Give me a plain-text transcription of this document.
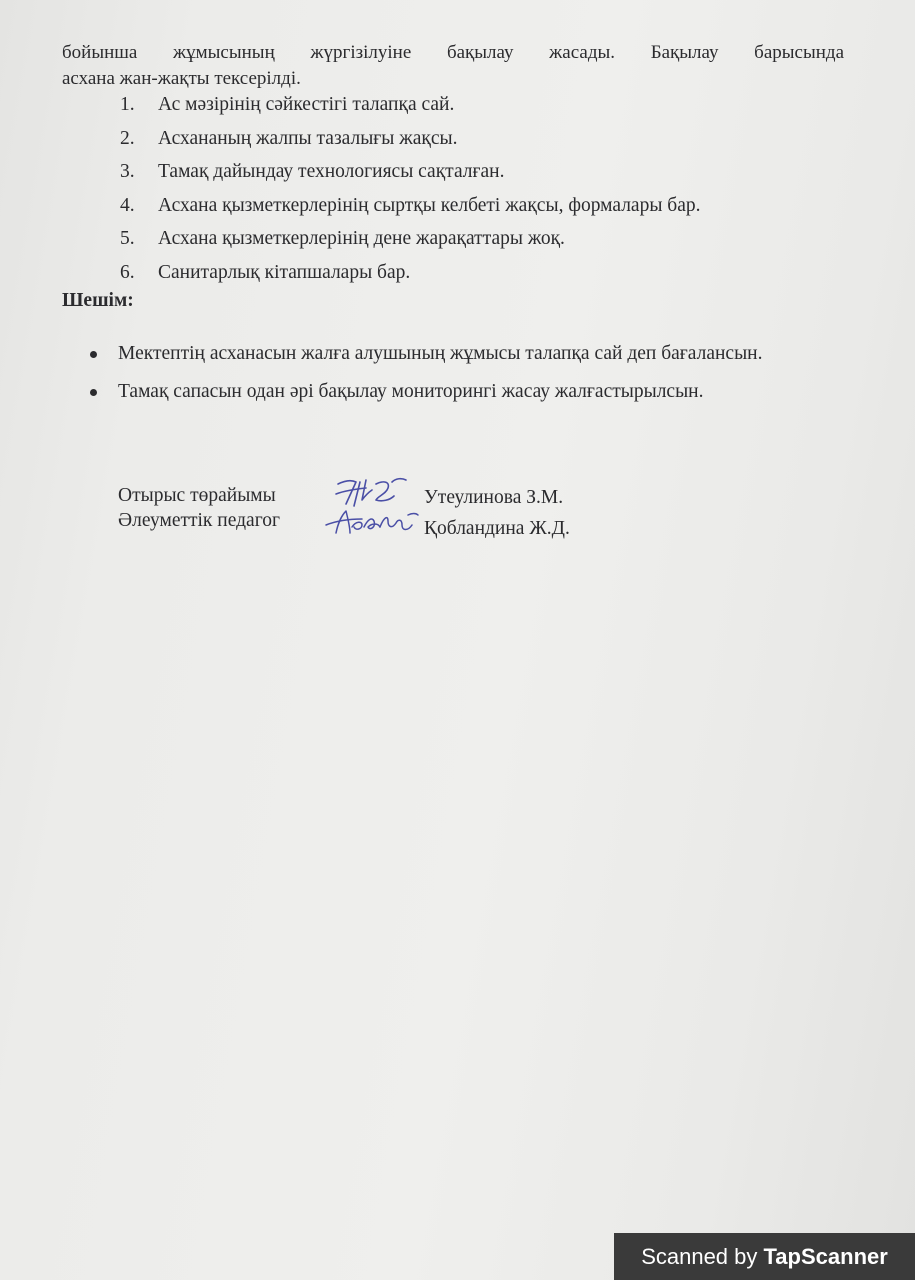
бойынша жұмысының жүргізілуіне бақылау жасады. Бақылау барысында
асхана жан-жақты тексерілді.
1. Ас мәзірінің сәйкестігі талапқа сай.
2. Асхананың жалпы тазалығы жақсы.
3. Тамақ дайындау технологиясы сақталған.
4. Асхана қызметкерлерінің сыртқы келбеті жақсы, формалары бар.
5. Асхана қызметкерлерінің дене жарақаттары жоқ.
6. Санитарлық кітапшалары бар.
Шешім:
Мектептің асханасын жалға алушының жұмысы талапқа сай деп бағалансын.
Тамақ сапасын одан әрі бақылау мониторингі жасау жалғастырылсын.
Отырыс төрайымы	Утеулинова З.М.
Әлеуметтік педагог	Қобландина Ж.Д.
Scanned by TapScanner
